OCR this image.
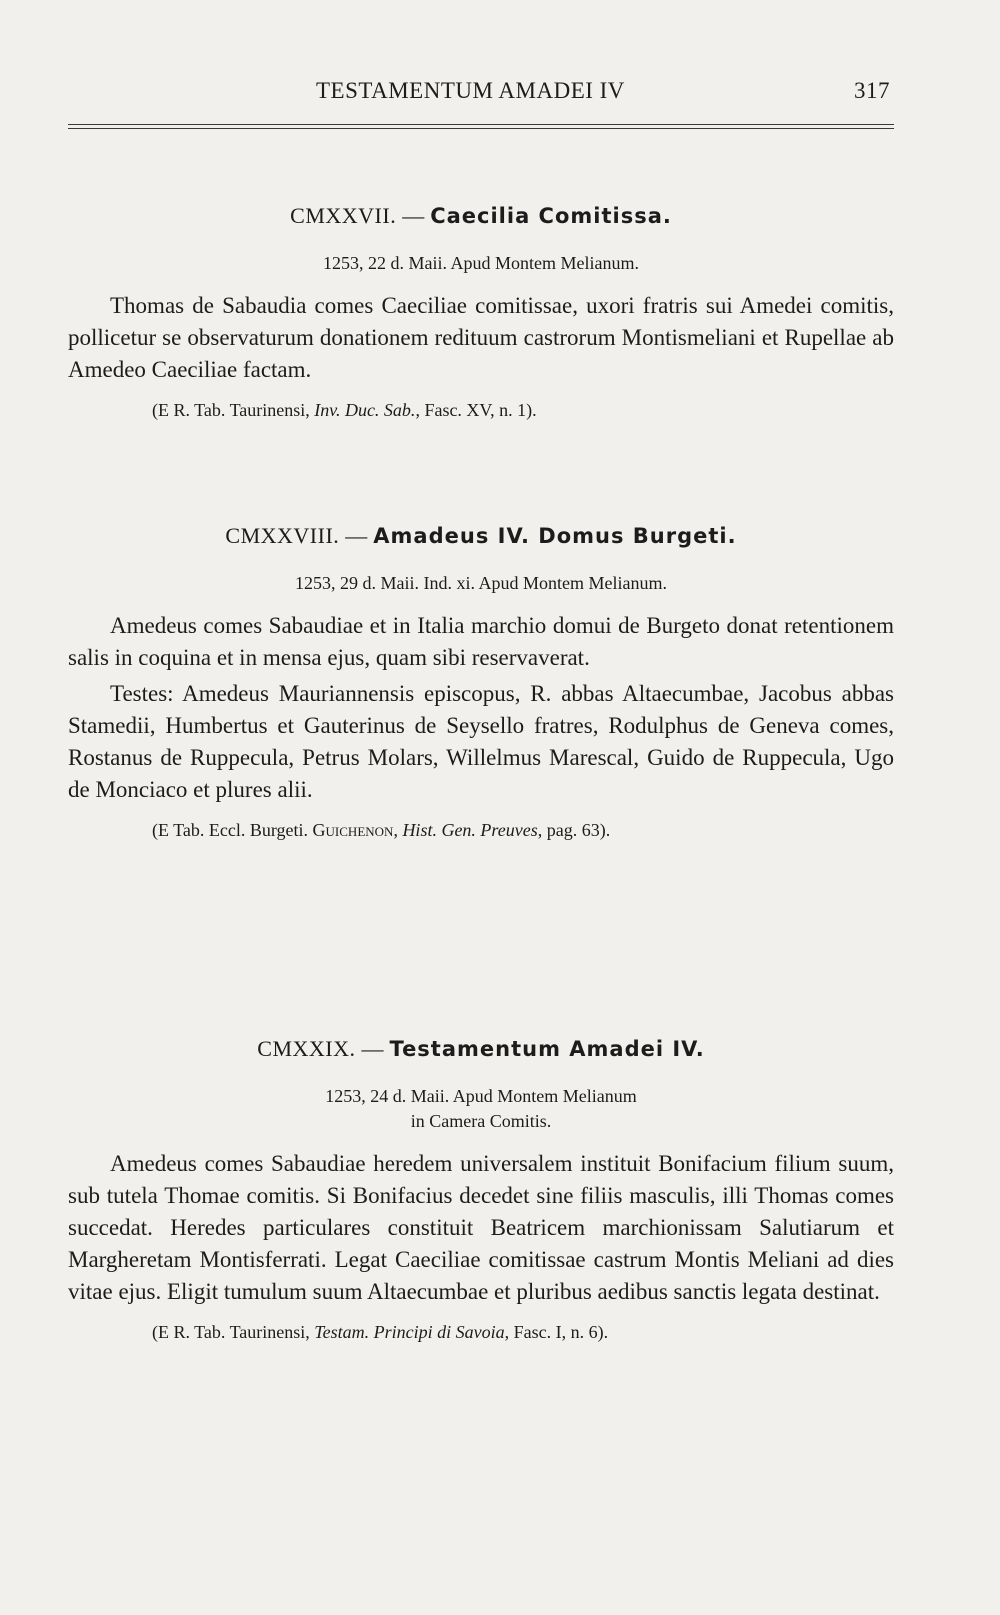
TESTAMENTUM AMADEI IV	317
CMXXVII. — Caecilia Comitissa.
1253, 22 d. Maii. Apud Montem Melianum.

Thomas de Sabaudia comes Caeciliae comitissae, uxori fratris sui Amedei comitis, pollicetur se observaturum donationem redituum castrorum Montismeliani et Rupellae ab Amedeo Caeciliae factam.

(E R. Tab. Taurinensi, Inv. Duc. Sab., Fasc. XV, n. 1).
CMXXVIII. — Amadeus IV. Domus Burgeti.
1253, 29 d. Maii. Ind. xi. Apud Montem Melianum.

Amedeus comes Sabaudiae et in Italia marchio domui de Burgeto donat retentionem salis in coquina et in mensa ejus, quam sibi reservaverat.

Testes: Amedeus Mauriannensis episcopus, R. abbas Altaecumbae, Jacobus abbas Stamedii, Humbertus et Gauterinus de Seysello fratres, Rodulphus de Geneva comes, Rostanus de Ruppecula, Petrus Molars, Willelmus Marescal, Guido de Ruppecula, Ugo de Monciaco et plures alii.

(E Tab. Eccl. Burgeti. Guichenon, Hist. Gen. Preuves, pag. 63).
CMXXIX. — Testamentum Amadei IV.
1253, 24 d. Maii. Apud Montem Melianum
in Camera Comitis.

Amedeus comes Sabaudiae heredem universalem instituit Bonifacium filium suum, sub tutela Thomae comitis. Si Bonifacius decedet sine filiis masculis, illi Thomas comes succedat. Heredes particulares constituit Beatricem marchionissam Salutiarum et Margheretam Montisferrati. Legat Caeciliae comitissae castrum Montis Meliani ad dies vitae ejus. Eligit tumulum suum Altaecumbae et pluribus aedibus sanctis legata destinat.

(E R. Tab. Taurinensi, Testam. Principi di Savoia, Fasc. I, n. 6).
